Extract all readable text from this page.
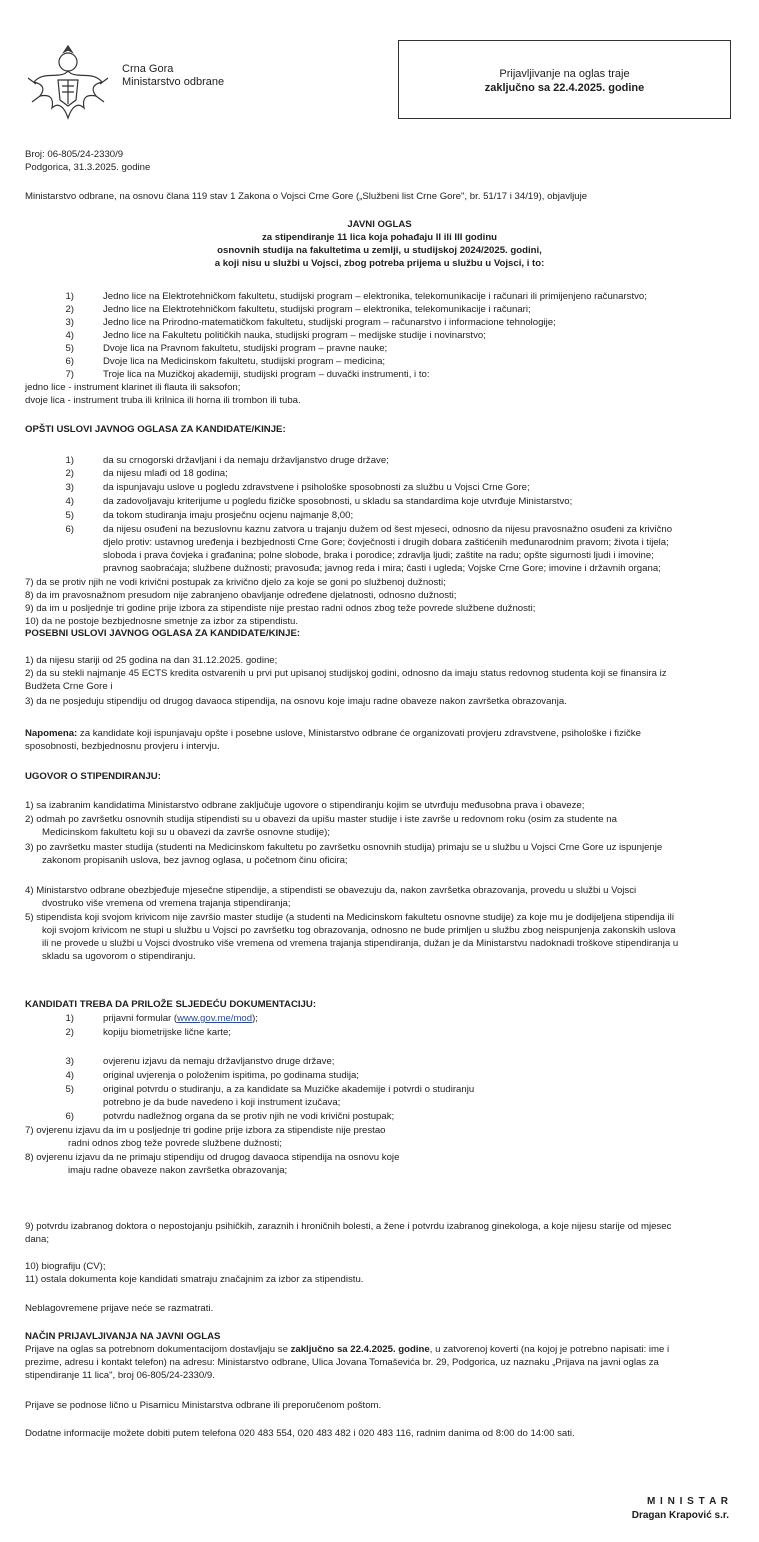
Crna Gora
Ministarstvo odbrane
Prijavljivanje na oglas traje
zaključno sa 22.4.2025. godine
Broj: 06-805/24-2330/9
Podgorica, 31.3.2025. godine
Ministarstvo odbrane, na osnovu člana 119 stav 1 Zakona o Vojsci Crne Gore („Službeni list Crne Gore", br. 51/17 i 34/19), objavljuje
JAVNI OGLAS
za stipendiranje 11 lica koja pohađaju II ili III godinu
osnovnih studija na fakultetima u zemlji, u studijskoj 2024/2025. godini,
a koji nisu u službi u Vojsci, zbog potreba prijema u službu u Vojsci, i to:
1)	Jedno lice na Elektrotehničkom fakultetu, studijski program – elektronika, telekomunikacije i računari ili primijenjeno računarstvo;
2)	Jedno lice na Elektrotehničkom fakultetu, studijski program – elektronika, telekomunikacije i računari;
3)	Jedno lice na Prirodno-matematičkom fakultetu, studijski program – računarstvo i informacione tehnologije;
4)	Jedno lice na Fakultetu političkih nauka, studijski program – medijske studije i novinarstvo;
5)	Dvoje lica na Pravnom fakultetu, studijski program – pravne nauke;
6)	Dvoje lica na Medicinskom fakultetu, studijski program – medicina;
7)	Troje lica na Muzičkoj akademiji, studijski program – duvački instrumenti, i to:
jedno lice - instrument klarinet ili flauta ili saksofon;
dvoje lica - instrument truba ili krilnica ili horna ili trombon ili tuba.
OPŠTI USLOVI JAVNOG OGLASA ZA KANDIDATE/KINJE:
1)	da su crnogorski državljani i da nemaju državljanstvo druge države;
2)	da nijesu mlađi od 18 godina;
3)	da ispunjavaju uslove u pogledu zdravstvene i psihološke sposobnosti za službu u Vojsci Crne Gore;
4)	da zadovoljavaju kriterijume u pogledu fizičke sposobnosti, u skladu sa standardima koje utvrđuje Ministarstvo;
5)	da tokom studiranja imaju prosječnu ocjenu najmanje 8,00;
6)	da nijesu osuđeni na bezuslovnu kaznu zatvora u trajanju dužem od šest mjeseci, odnosno da nijesu pravosnažno osuđeni za krivično
djelo protiv: ustavnog uređenja i bezbjednosti Crne Gore; čovječnosti i drugih dobara zaštićenih međunarodnim pravom; života i tijela;
sloboda i prava čovjeka i građanina; polne slobode, braka i porodice; zdravlja ljudi; zaštite na radu; opšte sigurnosti ljudi i imovine;
pravnog saobraćaja; službene dužnosti; pravosuđa; javnog reda i mira; časti i ugleda; Vojske Crne Gore; imovine i državnih organa;
7) da se protiv njih ne vodi krivični postupak za krivično djelo za koje se goni po službenoj dužnosti;
8) da im pravosnažnom presudom nije zabranjeno obavljanje određene djelatnosti, odnosno dužnosti;
9) da im u posljednje tri godine prije izbora za stipendiste nije prestao radni odnos zbog teže povrede službene dužnosti;
10) da ne postoje bezbjednosne smetnje za izbor za stipendistu.
POSEBNI USLOVI JAVNOG OGLASA ZA KANDIDATE/KINJE:
1) da nijesu stariji od 25 godina na dan 31.12.2025. godine;
2) da su stekli najmanje 45 ECTS kredita ostvarenih u prvi put upisanoj studijskoj godini, odnosno da imaju status redovnog studenta koji se finansira iz
Budžeta Crne Gore i
3) da ne posjeduju stipendiju od drugog davaoca stipendija, na osnovu koje imaju radne obaveze nakon završetka obrazovanja.
Napomena: za kandidate koji ispunjavaju opšte i posebne uslove, Ministarstvo odbrane će organizovati provjeru zdravstvene, psihološke i fizičke
sposobnosti, bezbjednosnu provjeru i intervju.
UGOVOR O STIPENDIRANJU:
1) sa izabranim kandidatima Ministarstvo odbrane zaključuje ugovore o stipendiranju kojim se utvrđuju međusobna prava i obaveze;
2) odmah po završetku osnovnih studija stipendisti su u obavezi da upišu master studije i iste završe u redovnom roku (osim za studente na
Medicinskom fakultetu koji su u obavezi da završe osnovne studije);
3) po završetku master studija (studenti na Medicinskom fakultetu po završetku osnovnih studija) primaju se u službu u Vojsci Crne Gore uz ispunjenje
zakonom propisanih uslova, bez javnog oglasa, u početnom činu oficira;
4) Ministarstvo odbrane obezbjeđuje mjesečne stipendije, a stipendisti se obavezuju da, nakon završetka obrazovanja, provedu u službi u Vojsci
dvostruko više vremena od vremena trajanja stipendiranja;
5) stipendista koji svojom krivicom nije završio master studije (a studenti na Medicinskom fakultetu osnovne studije) za koje mu je dodijeljena stipendija ili
koji svojom krivicom ne stupi u službu u Vojsci po završetku tog obrazovanja, odnosno ne bude primljen u službu zbog neispunjenja zakonskih uslova
ili ne provede u službi u Vojsci dvostruko više vremena od vremena trajanja stipendiranja, dužan je da Ministarstvu nadoknadi troškove stipendiranja u
skladu sa ugovorom o stipendiranju.
KANDIDATI TREBA DA PRILOŽE SLJEDEĆU DOKUMENTACIJU:
1)	prijavni formular (www.gov.me/mod);
2)	kopiju biometrijske lične karte;
3)	ovjerenu izjavu da nemaju državljanstvo druge države;
4)	original uvjerenja o položenim ispitima, po godinama studija;
5)	original potvrdu o studiranju, a za kandidate sa Muzičke akademije i potvrdi o studiranju
potrebno je da bude navedeno i koji instrument izučava;
6)	potvrdu nadležnog organa da se protiv njih ne vodi krivični postupak;
7) ovjerenu izjavu da im u posljednje tri godine prije izbora za stipendiste nije prestao
radni odnos zbog teže povrede službene dužnosti;
8) ovjerenu izjavu da ne primaju stipendiju od drugog davaoca stipendija na osnovu koje
imaju radne obaveze nakon završetka obrazovanja;
9) potvrdu izabranog doktora o nepostojanju psihičkih, zaraznih i hroničnih bolesti, a žene i potvrdu izabranog ginekologa, a koje nijesu starije od mjesec
dana;
10) biografiju (CV);
11) ostala dokumenta koje kandidati smatraju značajnim za izbor za stipendistu.
Neblagovremene prijave neće se razmatrati.
NAČIN PRIJAVLJIVANJA NA JAVNI OGLAS
Prijave na oglas sa potrebnom dokumentacijom dostavljaju se zaključno sa 22.4.2025. godine, u zatvorenoj koverti (na kojoj je potrebno napisati: ime i
prezime, adresu i kontakt telefon) na adresu: Ministarstvo odbrane, Ulica Jovana Tomaševića br. 29, Podgorica, uz naznaku „Prijava na javni oglas za
stipendiranje 11 lica", broj 06-805/24-2330/9.
Prijave se podnose lično u Pisarnicu Ministarstva odbrane ili preporučenom poštom.
Dodatne informacije možete dobiti putem telefona 020 483 554, 020 483 482 i 020 483 116, radnim danima od 8:00 do 14:00 sati.
M I N I S T A R
Dragan Krapović s.r.
